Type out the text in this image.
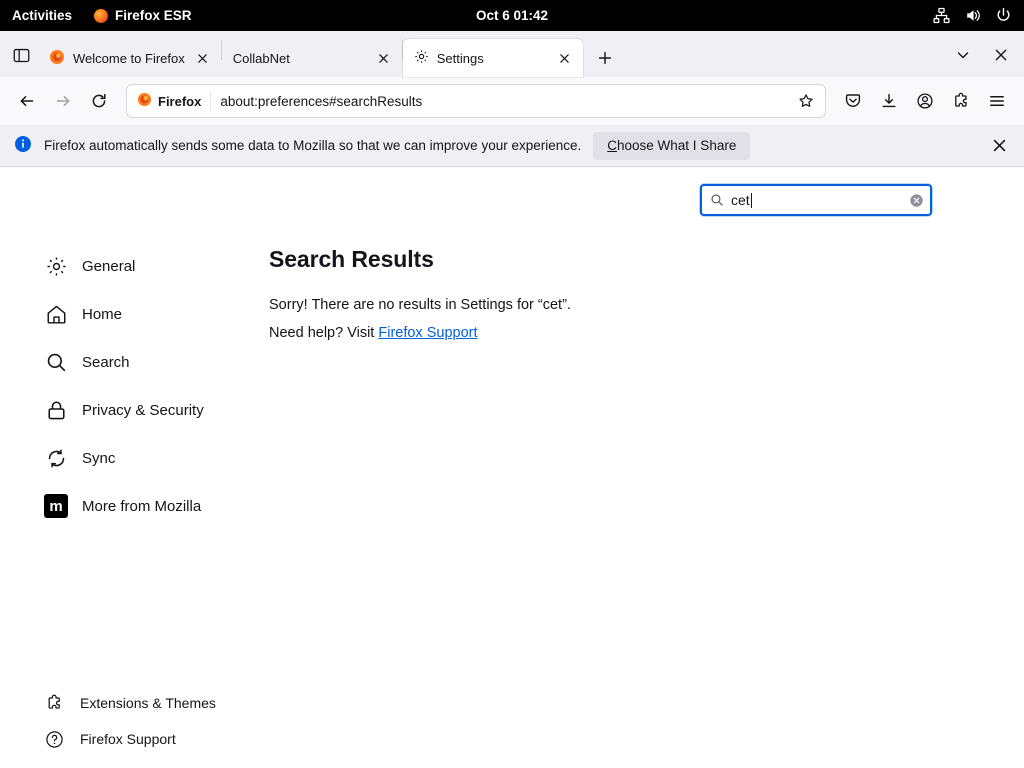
Activities	Firefox ESR	Oct 6 01:42
Welcome to Firefox	CollabNet	Settings
Firefox about:preferences#searchResults
Firefox automatically sends some data to Mozilla so that we can improve your experience.	Choose What I Share
cet
General
Home
Search
Privacy & Security
Sync
m	More from Mozilla
Extensions & Themes
Firefox Support
Search Results

Sorry! There are no results in Settings for “cet”.

Need help? Visit Firefox Support
